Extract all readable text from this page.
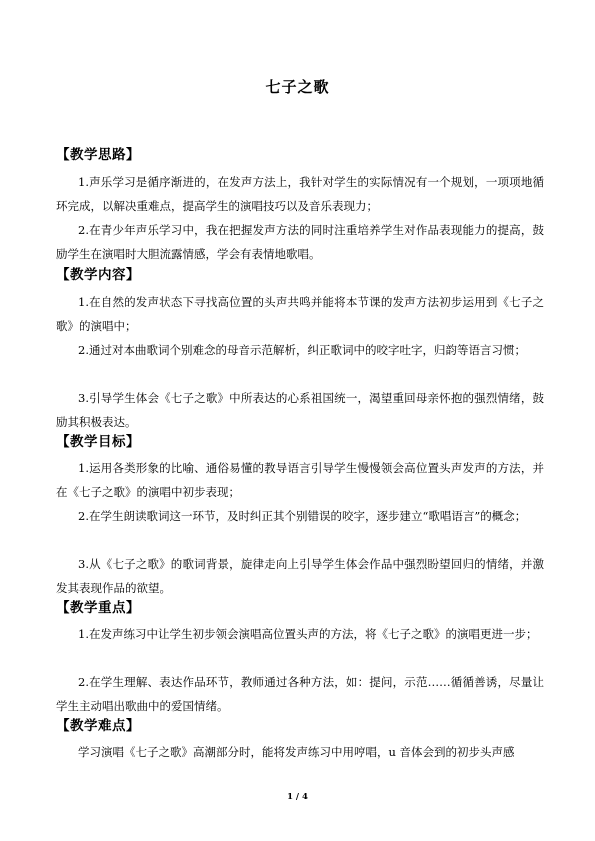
七子之歌
【教学思路】

1.声乐学习是循序渐进的，在发声方法上，我针对学生的实际情况有一个规划，一项项地循环完成，以解决重难点，提高学生的演唱技巧以及音乐表现力；

2.在青少年声乐学习中，我在把握发声方法的同时注重培养学生对作品表现能力的提高，鼓励学生在演唱时大胆流露情感，学会有表情地歌唱。

【教学内容】

1.在自然的发声状态下寻找高位置的头声共鸣并能将本节课的发声方法初步运用到《七子之歌》的演唱中；

2.通过对本曲歌词个别难念的母音示范解析，纠正歌词中的咬字吐字，归韵等语言习惯；

3.引导学生体会《七子之歌》中所表达的心系祖国统一，渴望重回母亲怀抱的强烈情绪，鼓励其积极表达。

【教学目标】

1.运用各类形象的比喻、通俗易懂的教导语言引导学生慢慢领会高位置头声发声的方法，并在《七子之歌》的演唱中初步表现；

2.在学生朗读歌词这一环节，及时纠正其个别错误的咬字，逐步建立“歌唱语言”的概念；

3.从《七子之歌》的歌词背景，旋律走向上引导学生体会作品中强烈盼望回归的情绪，并激发其表现作品的欲望。

【教学重点】

1.在发声练习中让学生初步领会演唱高位置头声的方法，将《七子之歌》的演唱更进一步；

2.在学生理解、表达作品环节，教师通过各种方法，如：提问，示范……循循善诱，尽量让学生主动唱出歌曲中的爱国情绪。

【教学难点】

学习演唱《七子之歌》高潮部分时，能将发声练习中用哼唱，u 音体会到的初步头声感

1 / 4
